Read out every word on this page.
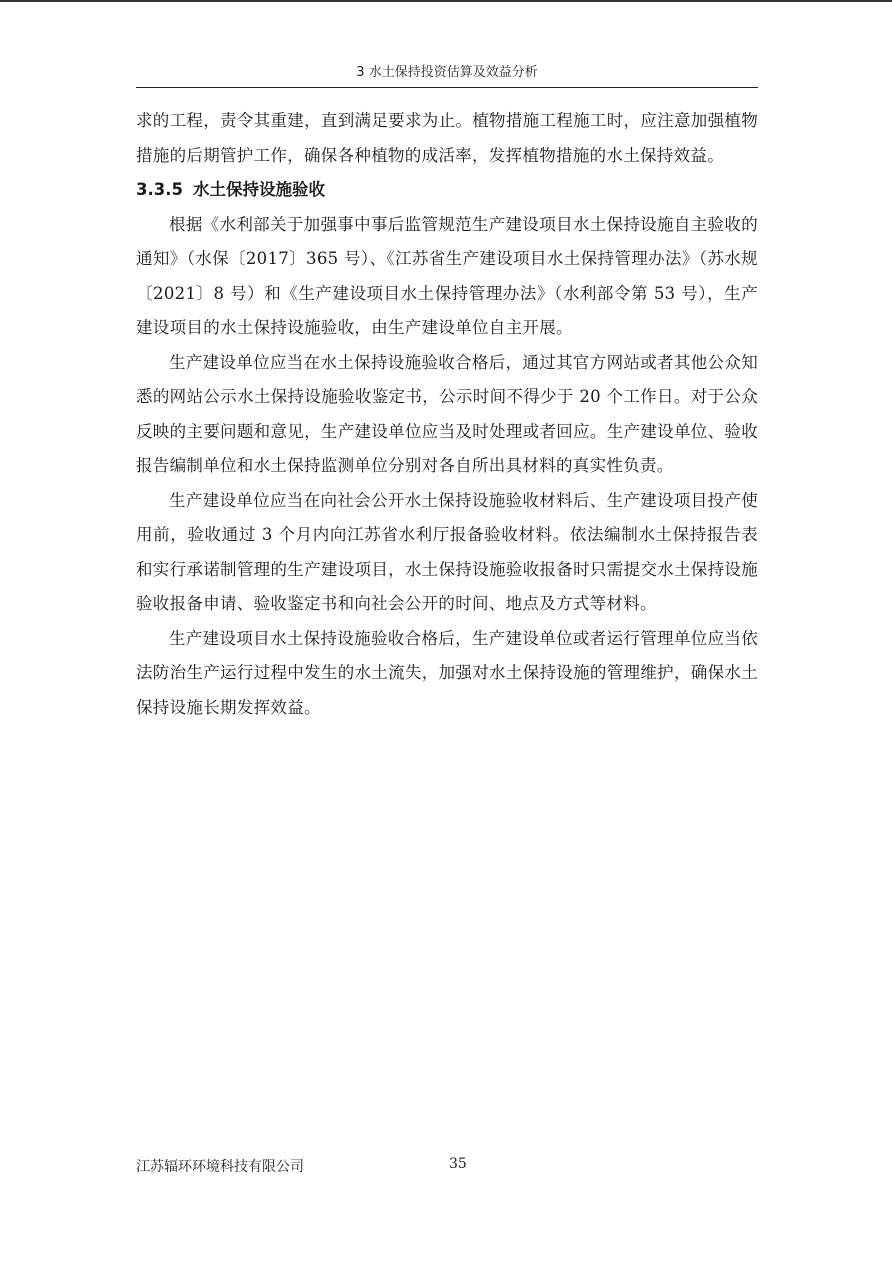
3 水土保持投资估算及效益分析

求的工程，责令其重建，直到满足要求为止。植物措施工程施工时，应注意加强植物措施的后期管护工作，确保各种植物的成活率，发挥植物措施的水土保持效益。

3.3.5 水土保持设施验收

根据《水利部关于加强事中事后监管规范生产建设项目水土保持设施自主验收的通知》（水保〔2017〕365 号）、《江苏省生产建设项目水土保持管理办法》（苏水规〔2021〕8 号）和《生产建设项目水土保持管理办法》（水利部令第 53 号），生产建设项目的水土保持设施验收，由生产建设单位自主开展。

生产建设单位应当在水土保持设施验收合格后，通过其官方网站或者其他公众知悉的网站公示水土保持设施验收鉴定书，公示时间不得少于 20 个工作日。对于公众反映的主要问题和意见，生产建设单位应当及时处理或者回应。生产建设单位、验收报告编制单位和水土保持监测单位分别对各自所出具材料的真实性负责。

生产建设单位应当在向社会公开水土保持设施验收材料后、生产建设项目投产使用前，验收通过 3 个月内向江苏省水利厅报备验收材料。依法编制水土保持报告表和实行承诺制管理的生产建设项目，水土保持设施验收报备时只需提交水土保持设施验收报备申请、验收鉴定书和向社会公开的时间、地点及方式等材料。

生产建设项目水土保持设施验收合格后，生产建设单位或者运行管理单位应当依法防治生产运行过程中发生的水土流失，加强对水土保持设施的管理维护，确保水土保持设施长期发挥效益。

江苏辐环环境科技有限公司	35
